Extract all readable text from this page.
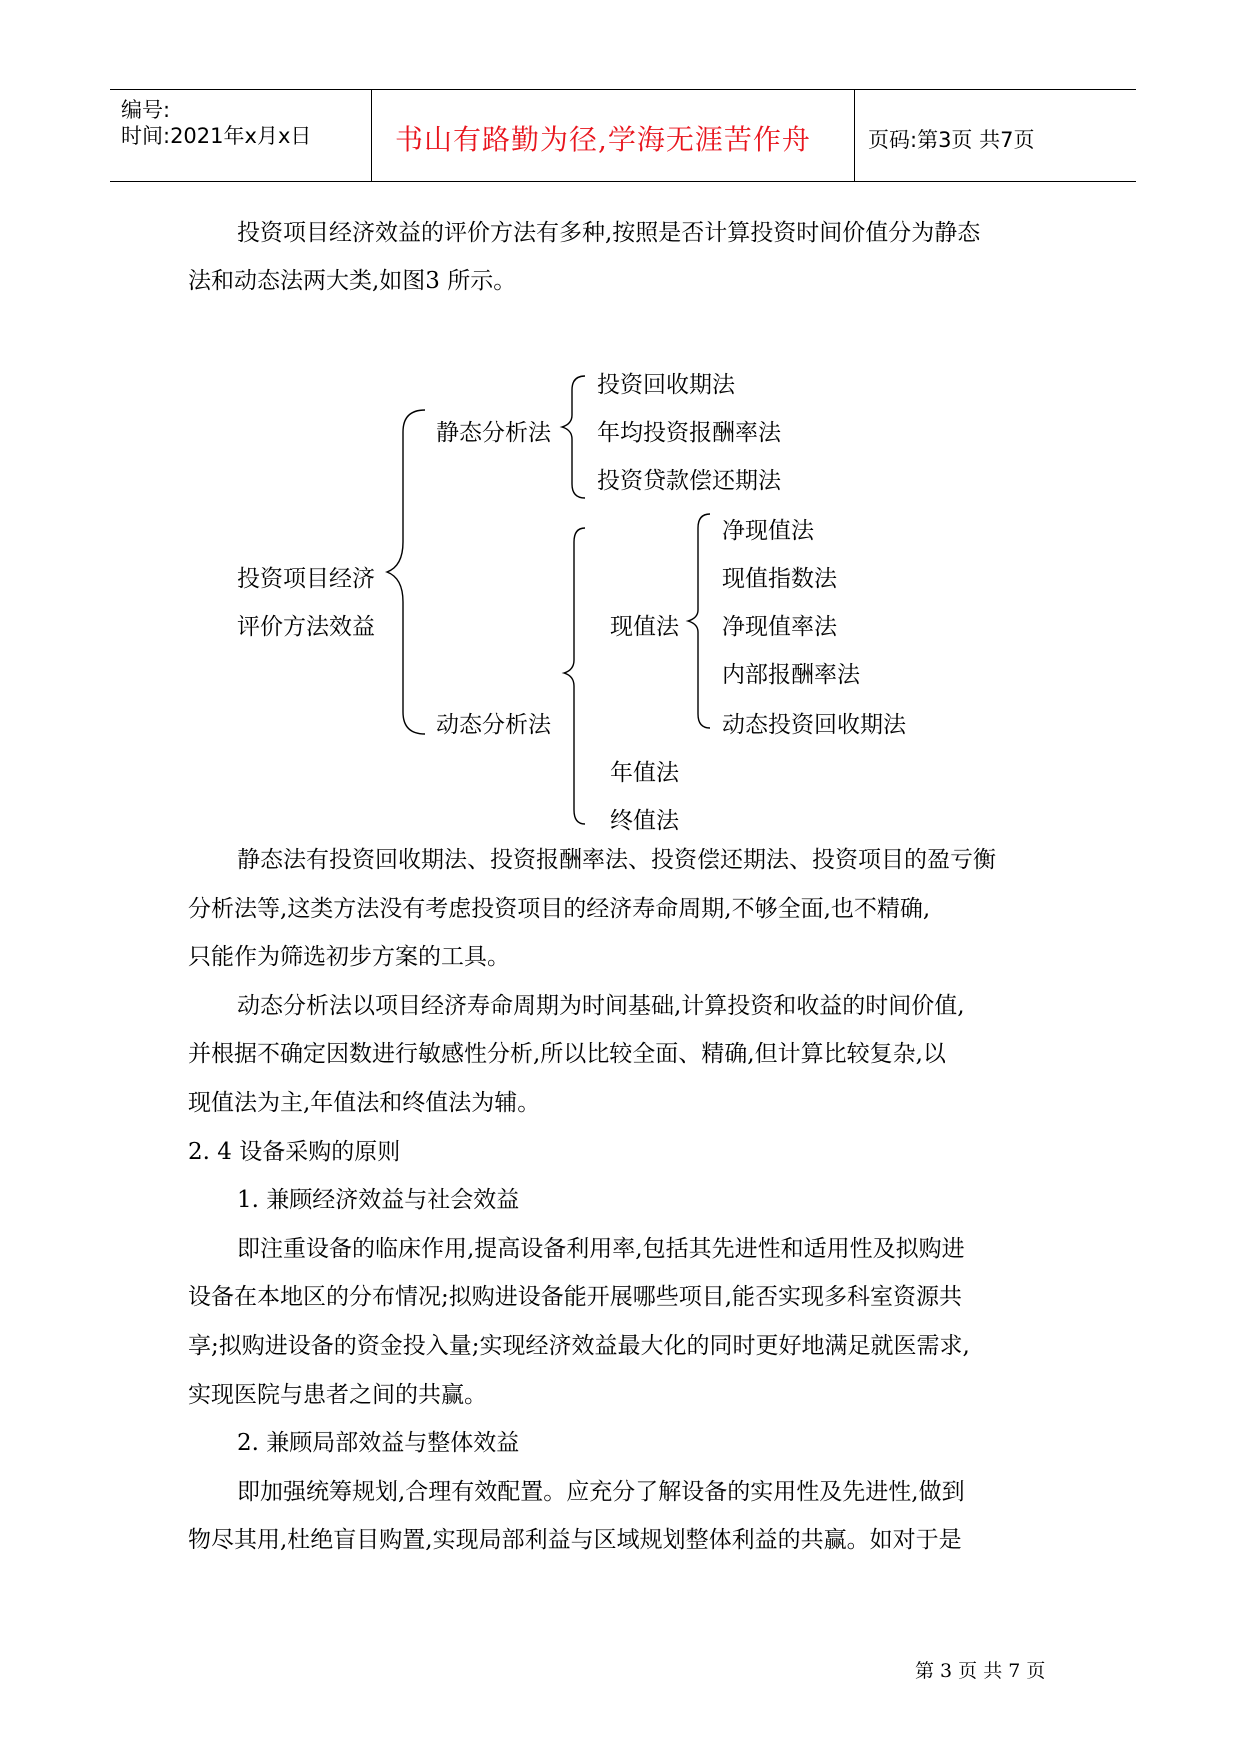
编号:
时间:2021年x月x日	书山有路勤为径,学海无涯苦作舟	页码:第3页 共7页
投资项目经济效益的评价方法有多种,按照是否计算投资时间价值分为静态
法和动态法两大类,如图3 所示。
投资项目经济
评价方法效益
静态分析法
投资回收期法
年均投资报酬率法
投资贷款偿还期法
动态分析法
现值法
净现值法
现值指数法
净现值率法
内部报酬率法
动态投资回收期法
年值法
终值法
静态法有投资回收期法、投资报酬率法、投资偿还期法、投资项目的盈亏衡
分析法等,这类方法没有考虑投资项目的经济寿命周期,不够全面,也不精确,
只能作为筛选初步方案的工具。
动态分析法以项目经济寿命周期为时间基础,计算投资和收益的时间价值,
并根据不确定因数进行敏感性分析,所以比较全面、精确,但计算比较复杂,以
现值法为主,年值法和终值法为辅。
2. 4 设备采购的原则
1. 兼顾经济效益与社会效益
即注重设备的临床作用,提高设备利用率,包括其先进性和适用性及拟购进
设备在本地区的分布情况;拟购进设备能开展哪些项目,能否实现多科室资源共
享;拟购进设备的资金投入量;实现经济效益最大化的同时更好地满足就医需求,
实现医院与患者之间的共赢。
2. 兼顾局部效益与整体效益
即加强统筹规划,合理有效配置。应充分了解设备的实用性及先进性,做到
物尽其用,杜绝盲目购置,实现局部利益与区域规划整体利益的共赢。如对于是
第 3 页 共 7 页
